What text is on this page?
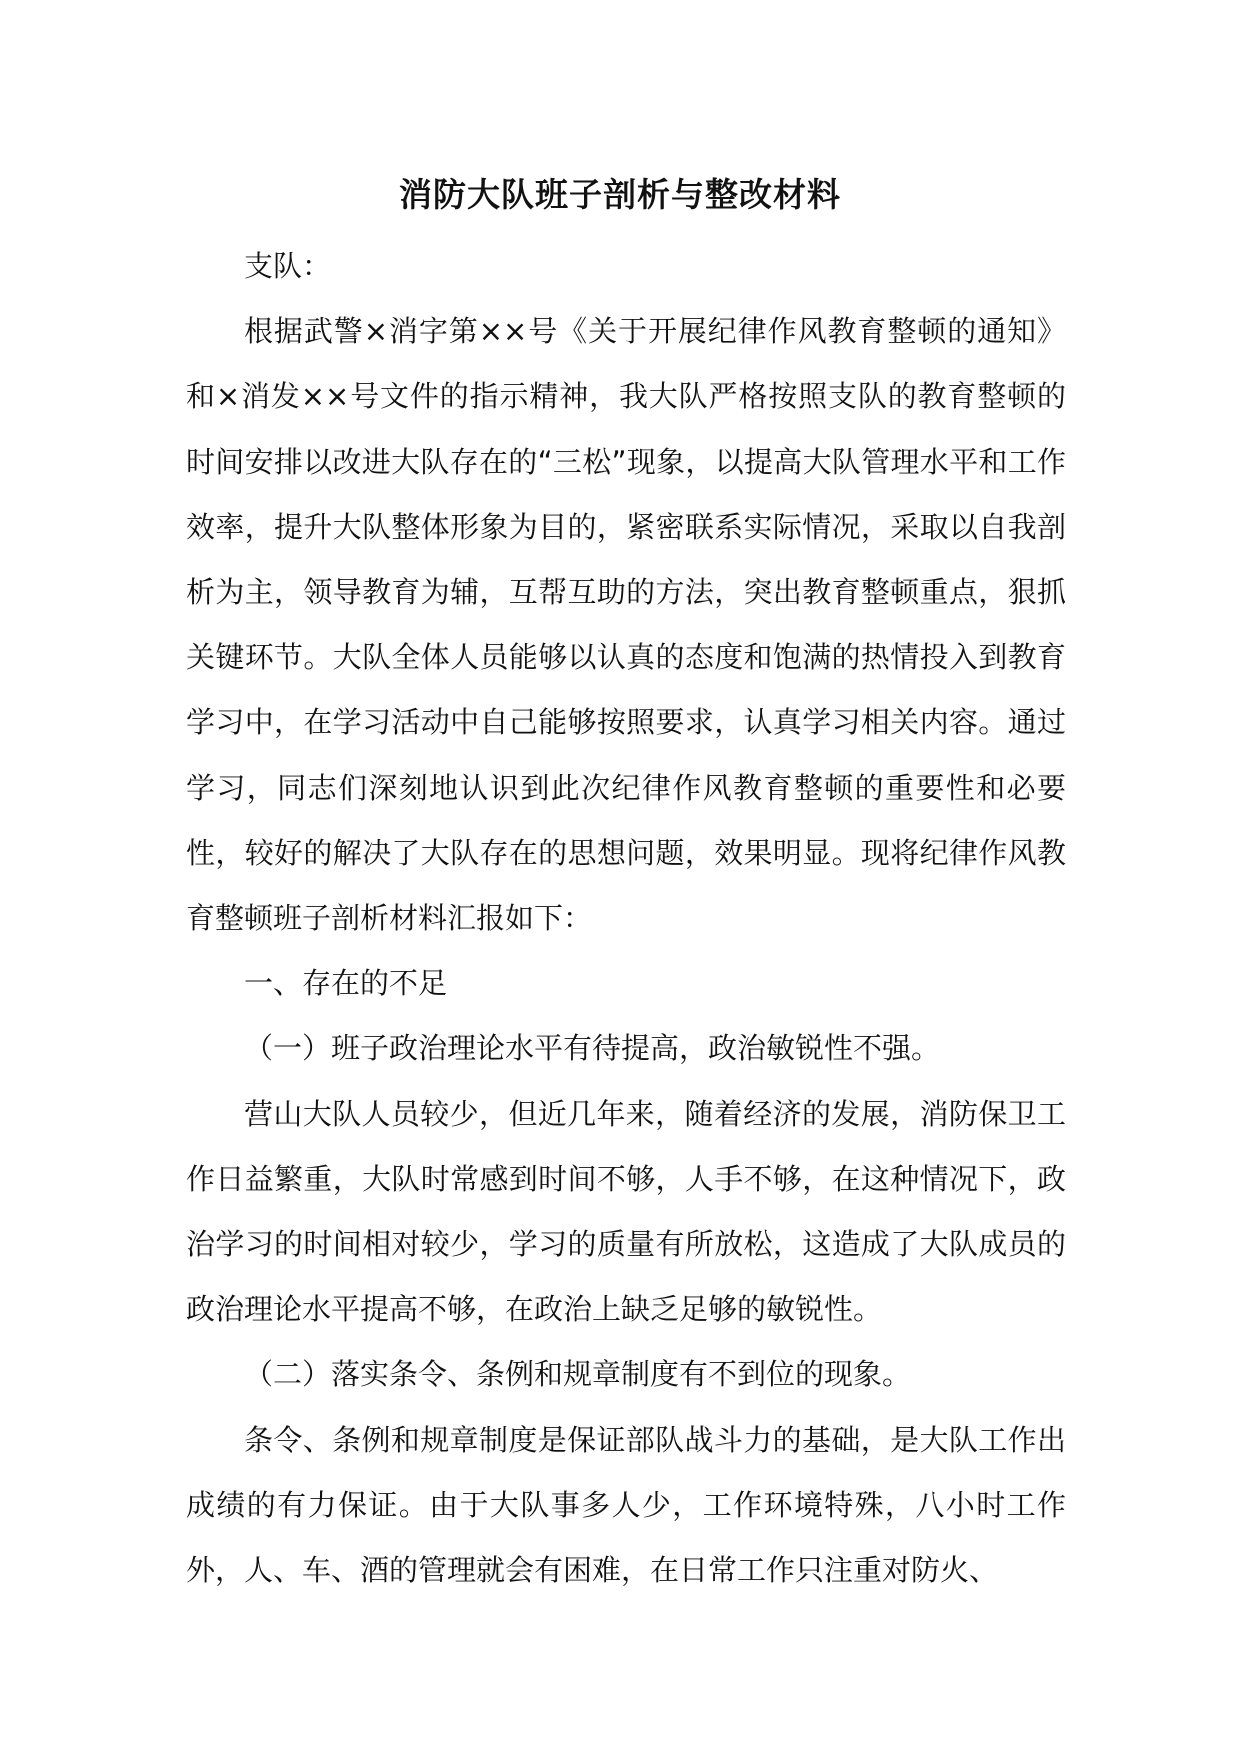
消防大队班子剖析与整改材料

支队：

根据武警×消字第××号《关于开展纪律作风教育整顿的通知》和×消发××号文件的指示精神，我大队严格按照支队的教育整顿的时间安排以改进大队存在的“三松”现象，以提高大队管理水平和工作效率，提升大队整体形象为目的，紧密联系实际情况，采取以自我剖析为主，领导教育为辅，互帮互助的方法，突出教育整顿重点，狠抓关键环节。大队全体人员能够以认真的态度和饱满的热情投入到教育学习中，在学习活动中自己能够按照要求，认真学习相关内容。通过学习，同志们深刻地认识到此次纪律作风教育整顿的重要性和必要性，较好的解决了大队存在的思想问题，效果明显。现将纪律作风教育整顿班子剖析材料汇报如下：

一、存在的不足

（一）班子政治理论水平有待提高，政治敏锐性不强。

营山大队人员较少，但近几年来，随着经济的发展，消防保卫工作日益繁重，大队时常感到时间不够，人手不够，在这种情况下，政治学习的时间相对较少，学习的质量有所放松，这造成了大队成员的政治理论水平提高不够，在政治上缺乏足够的敏锐性。

（二）落实条令、条例和规章制度有不到位的现象。

条令、条例和规章制度是保证部队战斗力的基础，是大队工作出成绩的有力保证。由于大队事多人少，工作环境特殊，八小时工作外，人、车、酒的管理就会有困难，在日常工作只注重对防火、
